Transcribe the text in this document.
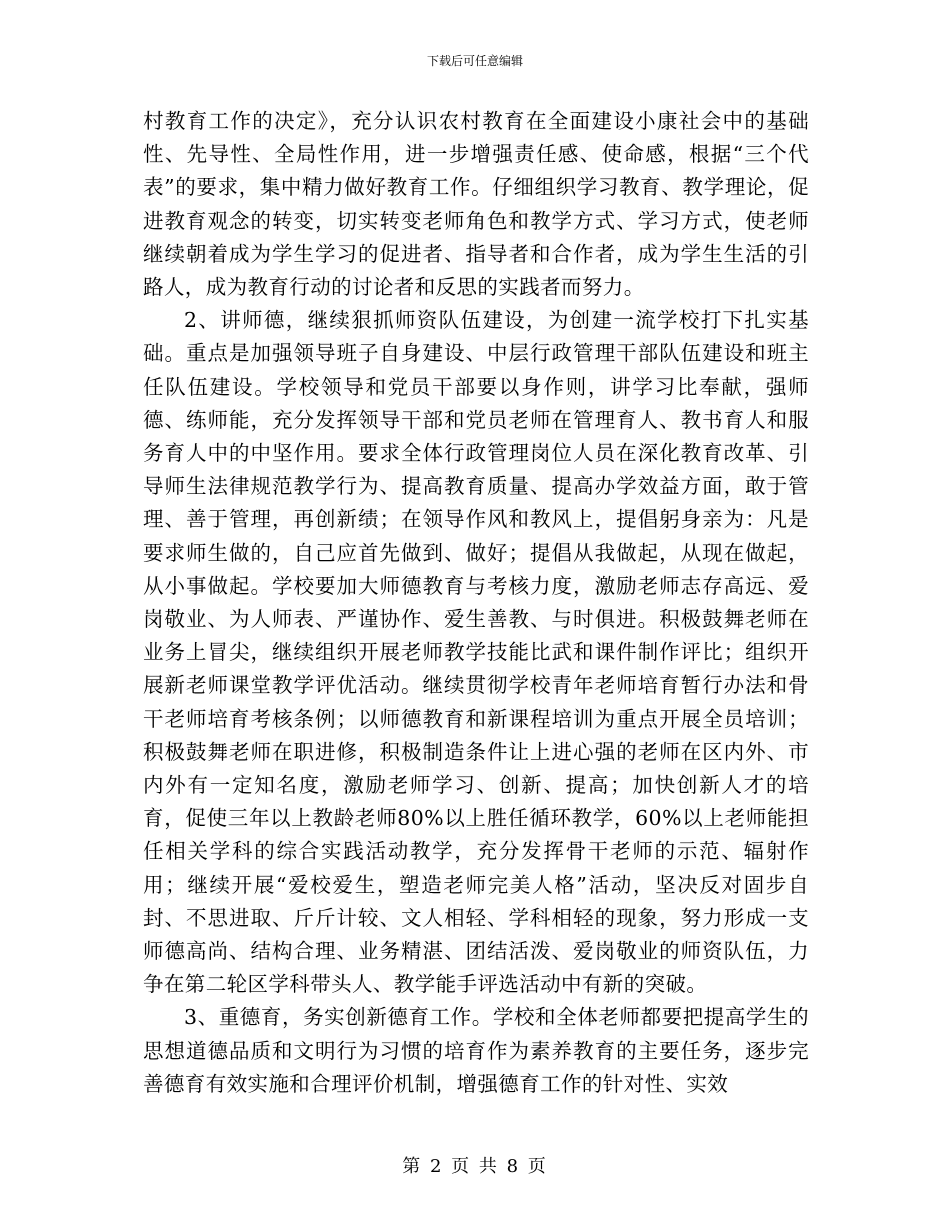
下载后可任意编辑

村教育工作的决定》，充分认识农村教育在全面建设小康社会中的基础性、先导性、全局性作用，进一步增强责任感、使命感，根据“三个代表”的要求，集中精力做好教育工作。仔细组织学习教育、教学理论，促进教育观念的转变，切实转变老师角色和教学方式、学习方式，使老师继续朝着成为学生学习的促进者、指导者和合作者，成为学生生活的引路人，成为教育行动的讨论者和反思的实践者而努力。

2、讲师德，继续狠抓师资队伍建设，为创建一流学校打下扎实基础。重点是加强领导班子自身建设、中层行政管理干部队伍建设和班主任队伍建设。学校领导和党员干部要以身作则，讲学习比奉献，强师德、练师能，充分发挥领导干部和党员老师在管理育人、教书育人和服务育人中的中坚作用。要求全体行政管理岗位人员在深化教育改革、引导师生法律规范教学行为、提高教育质量、提高办学效益方面，敢于管理、善于管理，再创新绩；在领导作风和教风上，提倡躬身亲为：凡是要求师生做的，自己应首先做到、做好；提倡从我做起，从现在做起，从小事做起。学校要加大师德教育与考核力度，激励老师志存高远、爱岗敬业、为人师表、严谨协作、爱生善教、与时俱进。积极鼓舞老师在业务上冒尖，继续组织开展老师教学技能比武和课件制作评比；组织开展新老师课堂教学评优活动。继续贯彻学校青年老师培育暂行办法和骨干老师培育考核条例；以师德教育和新课程培训为重点开展全员培训；积极鼓舞老师在职进修，积极制造条件让上进心强的老师在区内外、市内外有一定知名度，激励老师学习、创新、提高；加快创新人才的培育，促使三年以上教龄老师80%以上胜任循环教学，60%以上老师能担任相关学科的综合实践活动教学，充分发挥骨干老师的示范、辐射作用；继续开展“爱校爱生，塑造老师完美人格”活动，坚决反对固步自封、不思进取、斤斤计较、文人相轻、学科相轻的现象，努力形成一支师德高尚、结构合理、业务精湛、团结活泼、爱岗敬业的师资队伍，力争在第二轮区学科带头人、教学能手评选活动中有新的突破。

3、重德育，务实创新德育工作。学校和全体老师都要把提高学生的思想道德品质和文明行为习惯的培育作为素养教育的主要任务，逐步完善德育有效实施和合理评价机制，增强德育工作的针对性、实效

第 2 页 共 8 页
